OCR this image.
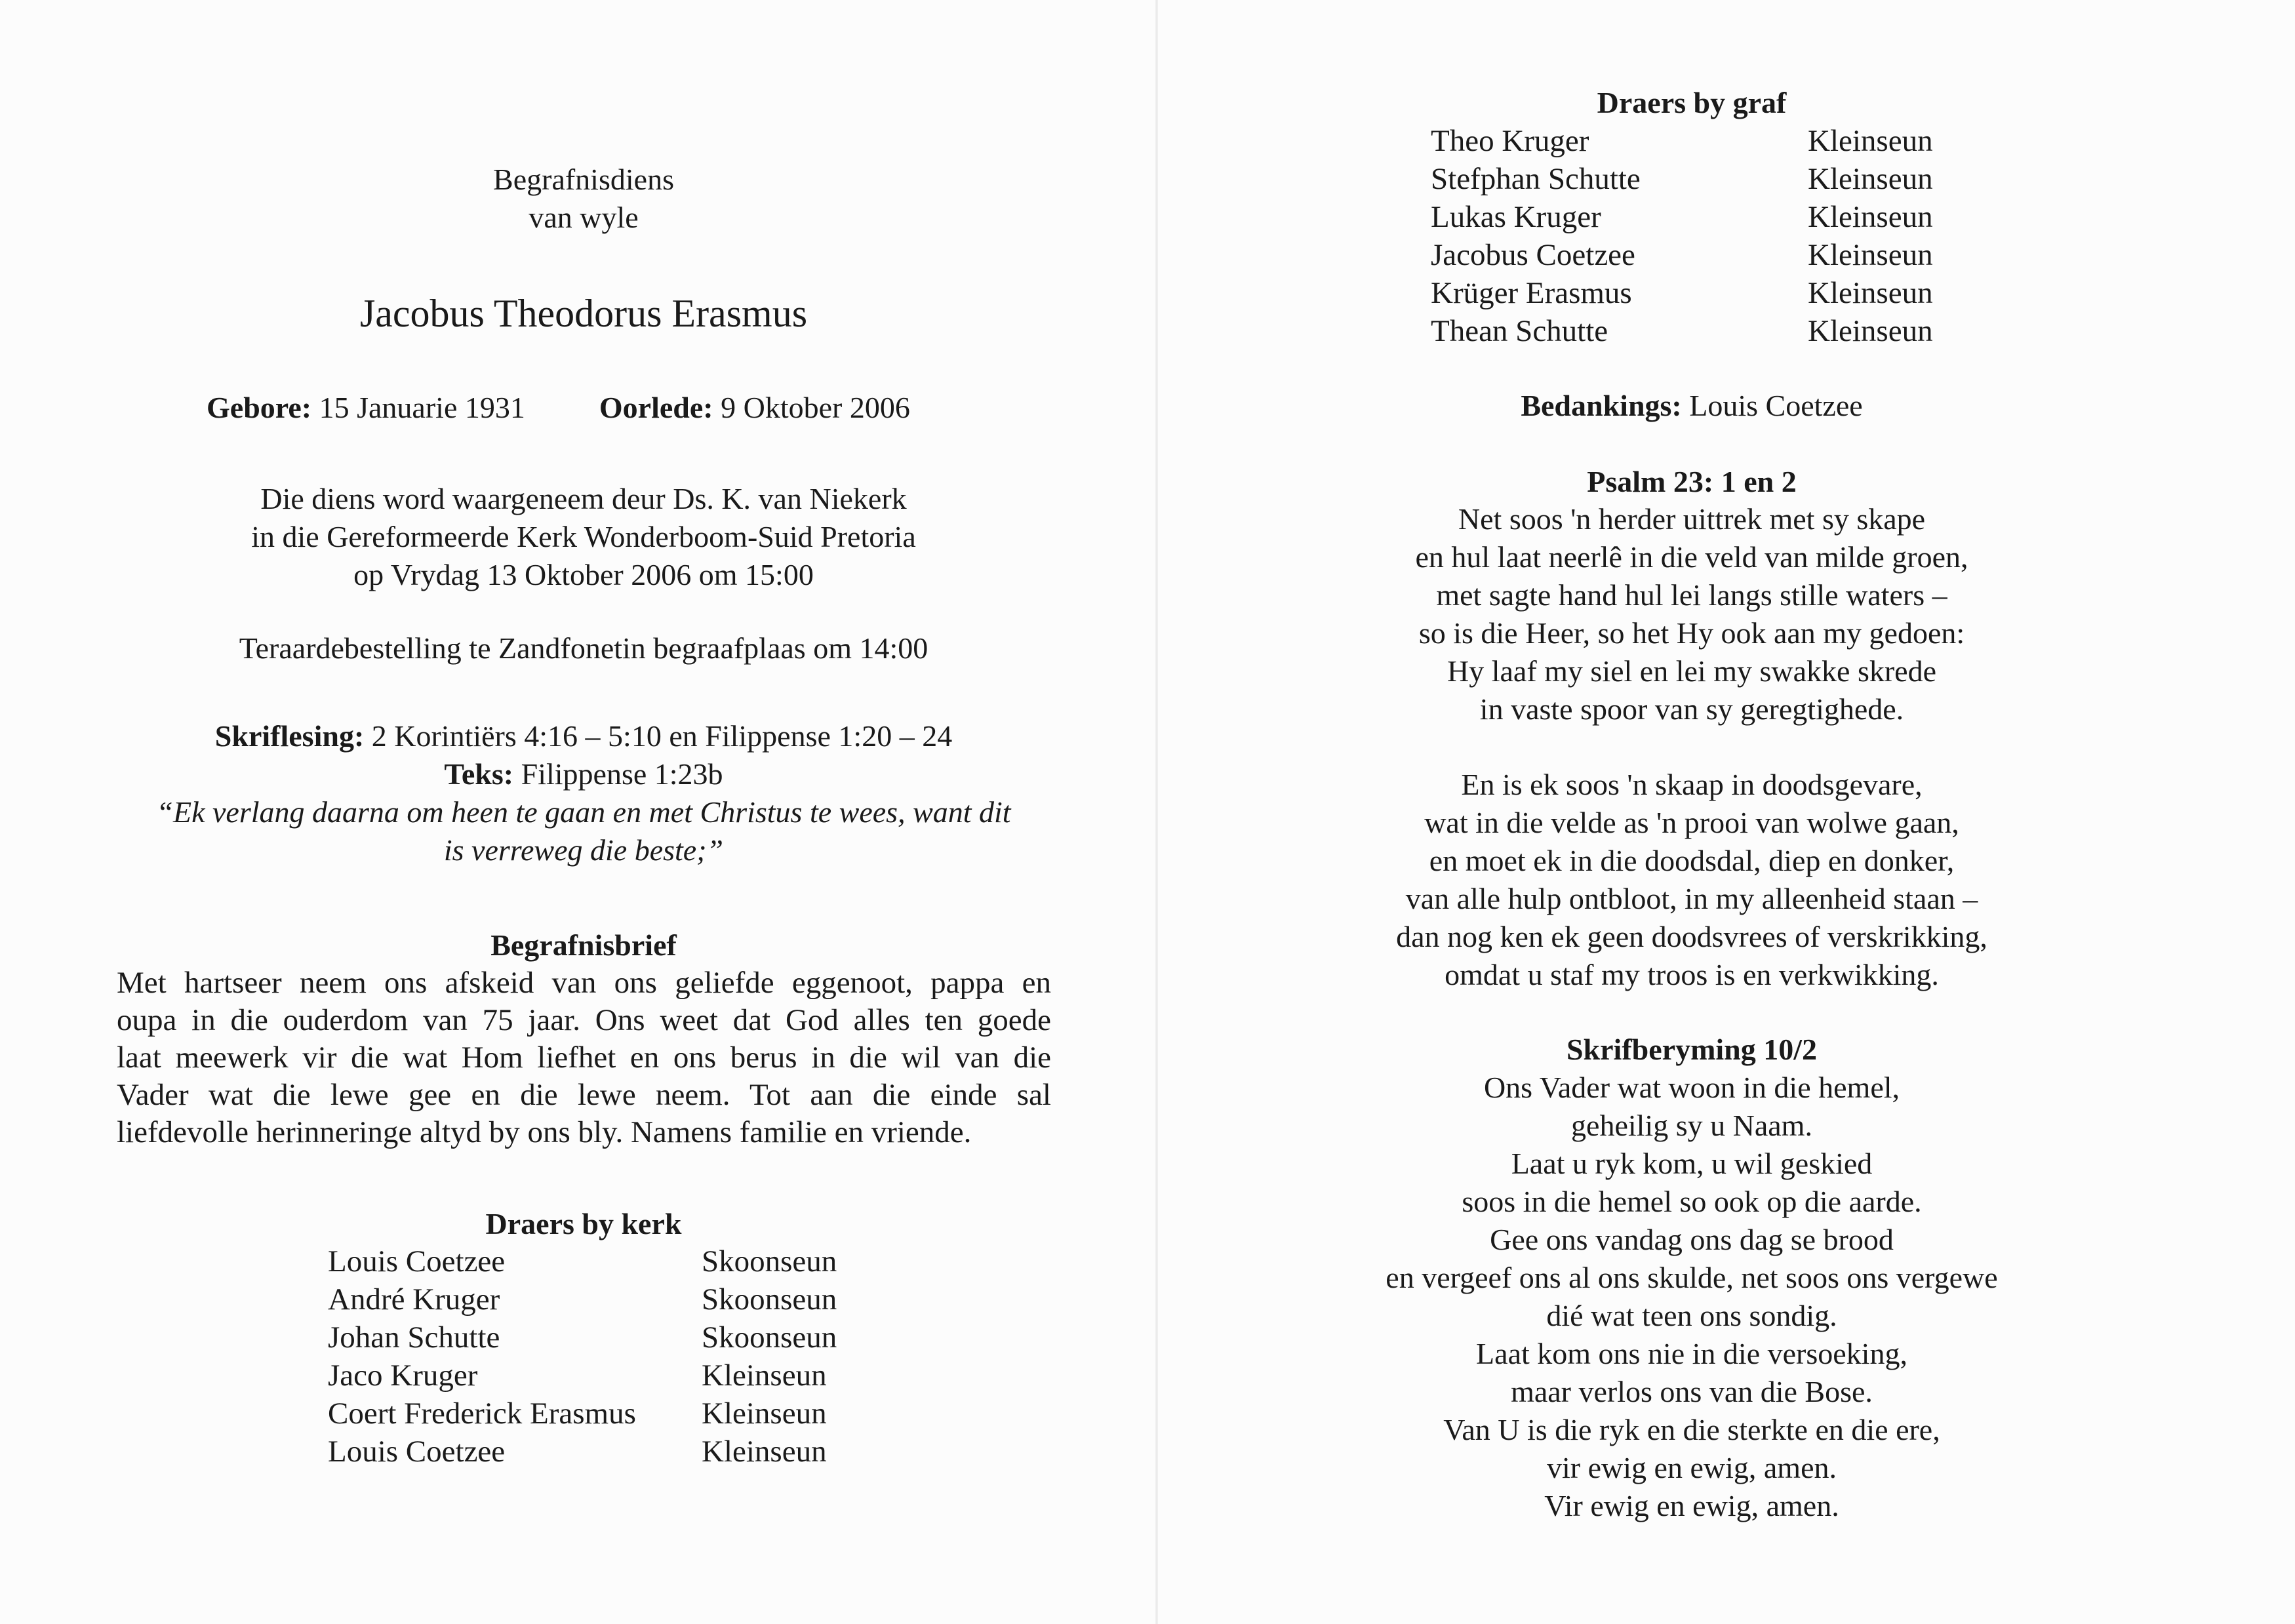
Begrafnisdiens
van wyle
Jacobus Theodorus Erasmus
Gebore: 15 Januarie 1931 Oorlede: 9 Oktober 2006
Die diens word waargeneem deur Ds. K. van Niekerk
in die Gereformeerde Kerk Wonderboom-Suid Pretoria
op Vrydag 13 Oktober 2006 om 15:00
Teraardebestelling te Zandfonetin begraafplaas om 14:00
Skriflesing: 2 Korintiërs 4:16 – 5:10 en Filippense 1:20 – 24
Teks: Filippense 1:23b
“Ek verlang daarna om heen te gaan en met Christus te wees, want dit
is verreweg die beste;”
Begrafnisbrief
Met hartseer neem ons afskeid van ons geliefde eggenoot, pappa en
oupa in die ouderdom van 75 jaar. Ons weet dat God alles ten goede
laat meewerk vir die wat Hom liefhet en ons berus in die wil van die
Vader wat die lewe gee en die lewe neem. Tot aan die einde sal
liefdevolle herinneringe altyd by ons bly. Namens familie en vriende.
Draers by kerk
Louis Coetzee	Skoonseun
André Kruger	Skoonseun
Johan Schutte	Skoonseun
Jaco Kruger	Kleinseun
Coert Frederick Erasmus	Kleinseun
Louis Coetzee	Kleinseun
Draers by graf
Theo Kruger	Kleinseun
Stefphan Schutte	Kleinseun
Lukas Kruger	Kleinseun
Jacobus Coetzee	Kleinseun
Krüger Erasmus	Kleinseun
Thean Schutte	Kleinseun
Bedankings: Louis Coetzee
Psalm 23: 1 en 2
Net soos 'n herder uittrek met sy skape
en hul laat neerlê in die veld van milde groen,
met sagte hand hul lei langs stille waters –
so is die Heer, so het Hy ook aan my gedoen:
Hy laaf my siel en lei my swakke skrede
in vaste spoor van sy geregtighede.
En is ek soos 'n skaap in doodsgevare,
wat in die velde as 'n prooi van wolwe gaan,
en moet ek in die doodsdal, diep en donker,
van alle hulp ontbloot, in my alleenheid staan –
dan nog ken ek geen doodsvrees of verskrikking,
omdat u staf my troos is en verkwikking.
Skrifberyming 10/2
Ons Vader wat woon in die hemel,
geheilig sy u Naam.
Laat u ryk kom, u wil geskied
soos in die hemel so ook op die aarde.
Gee ons vandag ons dag se brood
en vergeef ons al ons skulde, net soos ons vergewe
dié wat teen ons sondig.
Laat kom ons nie in die versoeking,
maar verlos ons van die Bose.
Van U is die ryk en die sterkte en die ere,
vir ewig en ewig, amen.
Vir ewig en ewig, amen.
